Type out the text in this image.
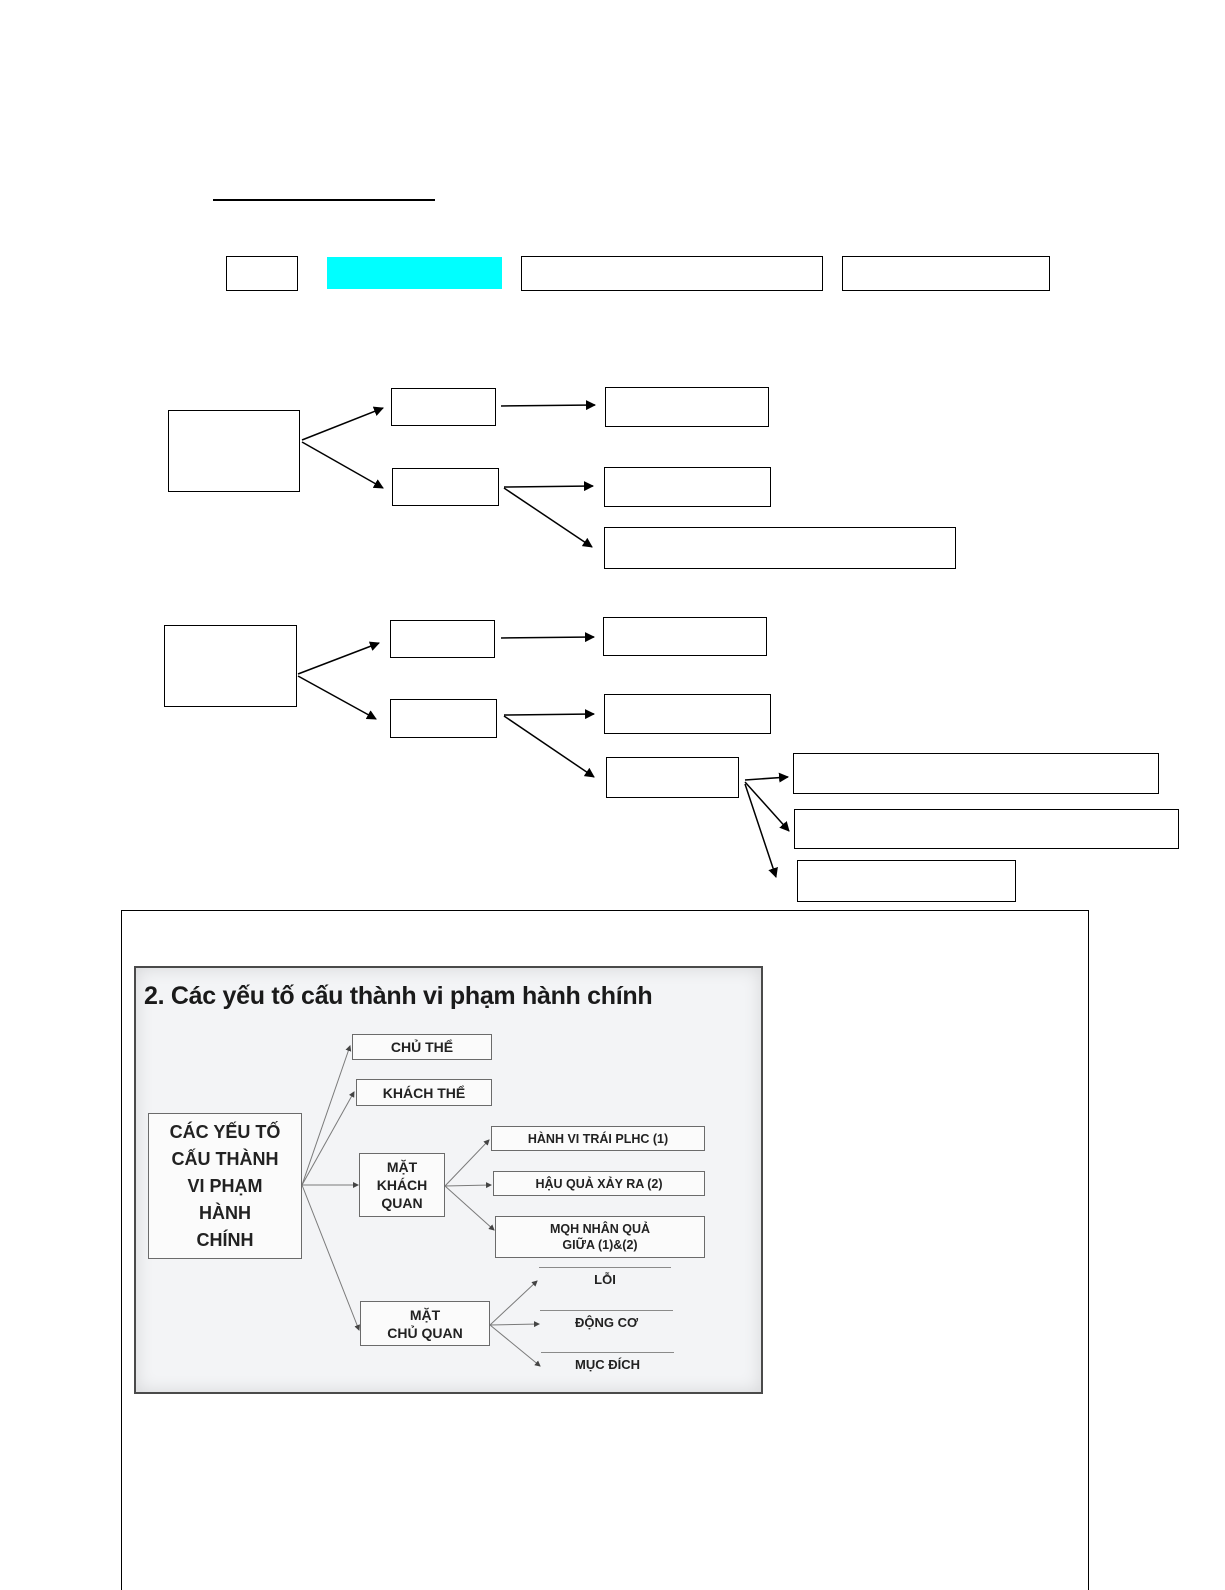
2. Các yếu tố cấu thành vi phạm hành chính
CÁC YẾU TỐ
CẤU THÀNH
VI PHẠM
HÀNH
CHÍNH
CHỦ THỂ
KHÁCH THỂ
MẶT
KHÁCH
QUAN
MẶT
CHỦ QUAN
HÀNH VI TRÁI PLHC (1)
HẬU QUẢ XẢY RA (2)
MQH NHÂN QUẢ
GIỮA (1)&(2)
LỖI
ĐỘNG CƠ
MỤC ĐÍCH
